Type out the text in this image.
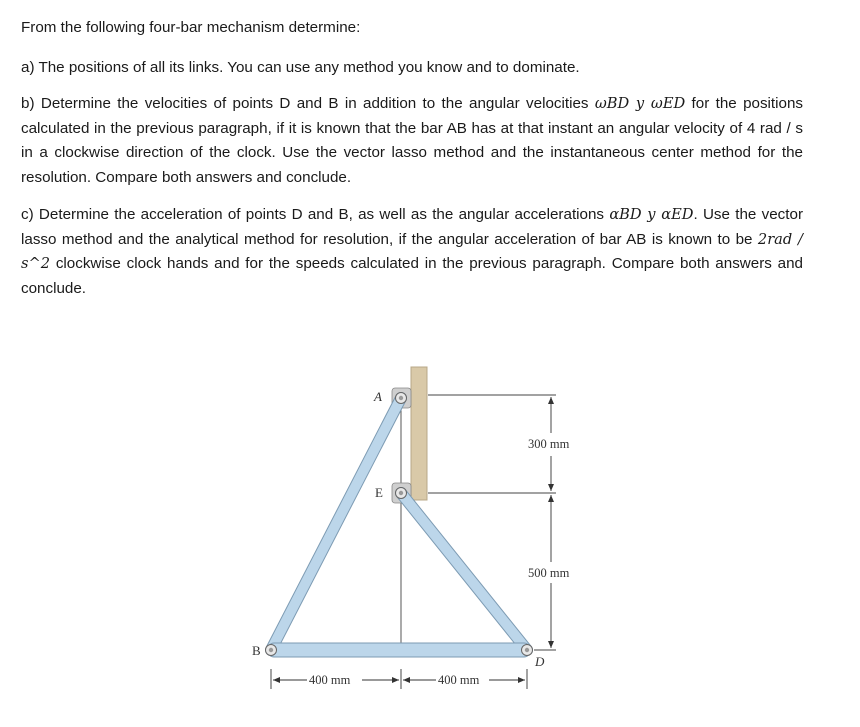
From the following four-bar mechanism determine:
a) The positions of all its links. You can use any method you know and to dominate.
b) Determine the velocities of points D and B in addition to the angular velocities ωBD y ωED for the positions calculated in the previous paragraph, if it is known that the bar AB has at that instant an angular velocity of 4 rad / s in a clockwise direction of the clock. Use the vector lasso method and the instantaneous center method for the resolution. Compare both answers and conclude.
c) Determine the acceleration of points D and B, as well as the angular accelerations αBD y αED. Use the vector lasso method and the analytical method for resolution, if the angular acceleration of bar AB is known to be 2rad / s^2 clockwise clock hands and for the speeds calculated in the previous paragraph. Compare both answers and conclude.
A
E
B
D
300 mm
500 mm
400 mm	400 mm
